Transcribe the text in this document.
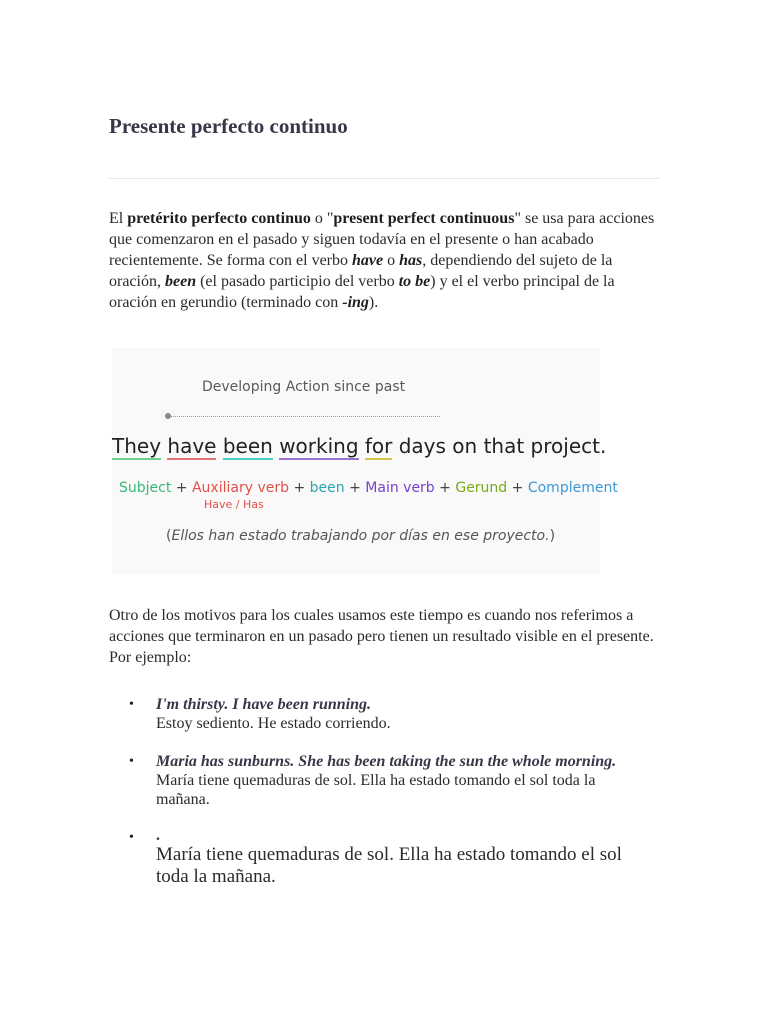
Presente perfecto continuo

El pretérito perfecto continuo o "present perfect continuous" se usa para acciones que comenzaron en el pasado y siguen todavía en el presente o han acabado recientemente. Se forma con el verbo have o has, dependiendo del sujeto de la oración, been (el pasado participio del verbo to be) y el el verbo principal de la oración en gerundio (terminado con -ing).

Developing Action since past
They have been working for days on that project.
Subject + Auxiliary verb + been + Main verb + Gerund + Complement
Have / Has
(Ellos han estado trabajando por días en ese proyecto.)

Otro de los motivos para los cuales usamos este tiempo es cuando nos referimos a acciones que terminaron en un pasado pero tienen un resultado visible en el presente. Por ejemplo:

• I'm thirsty. I have been running.
Estoy sediento. He estado corriendo.
• Maria has sunburns. She has been taking the sun the whole morning.
María tiene quemaduras de sol. Ella ha estado tomando el sol toda la mañana.
• .
María tiene quemaduras de sol. Ella ha estado tomando el sol toda la mañana.
